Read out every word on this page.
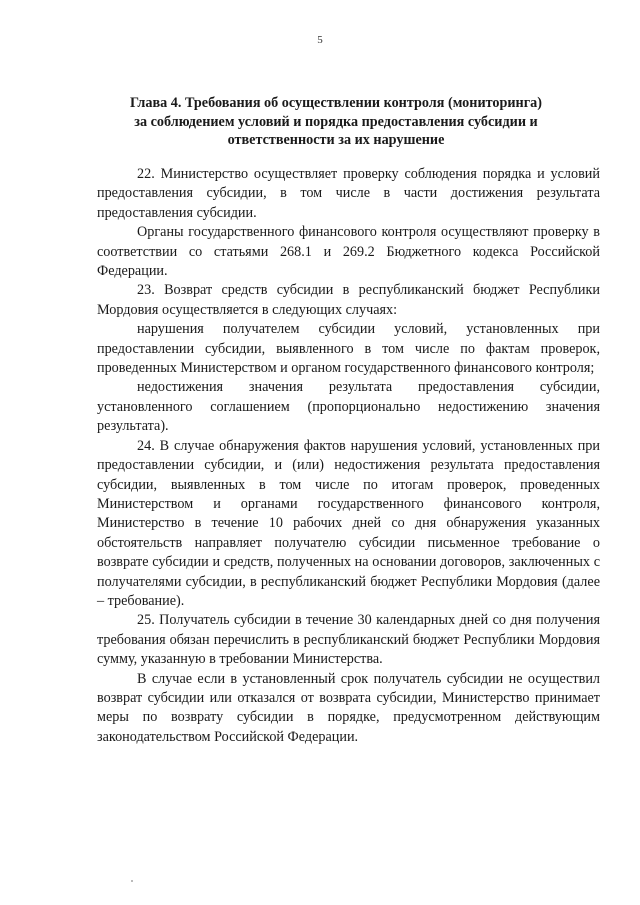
5
Глава 4. Требования об осуществлении контроля (мониторинга) за соблюдением условий и порядка предоставления субсидии и ответственности за их нарушение

22. Министерство осуществляет проверку соблюдения порядка и условий предоставления субсидии, в том числе в части достижения результата предоставления субсидии.

Органы государственного финансового контроля осуществляют проверку в соответствии со статьями 268.1 и 269.2 Бюджетного кодекса Российской Федерации.

23. Возврат средств субсидии в республиканский бюджет Республики Мордовия осуществляется в следующих случаях:

нарушения получателем субсидии условий, установленных при предоставлении субсидии, выявленного в том числе по фактам проверок, проведенных Министерством и органом государственного финансового контроля;

недостижения значения результата предоставления субсидии, установленного соглашением (пропорционально недостижению значения результата).

24. В случае обнаружения фактов нарушения условий, установленных при предоставлении субсидии, и (или) недостижения результата предоставления субсидии, выявленных в том числе по итогам проверок, проведенных Министерством и органами государственного финансового контроля, Министерство в течение 10 рабочих дней со дня обнаружения указанных обстоятельств направляет получателю субсидии письменное требование о возврате субсидии и средств, полученных на основании договоров, заключенных с получателями субсидии, в республиканский бюджет Республики Мордовия (далее – требование).

25. Получатель субсидии в течение 30 календарных дней со дня получения требования обязан перечислить в республиканский бюджет Республики Мордовия сумму, указанную в требовании Министерства.

В случае если в установленный срок получатель субсидии не осуществил возврат субсидии или отказался от возврата субсидии, Министерство принимает меры по возврату субсидии в порядке, предусмотренном действующим законодательством Российской Федерации.
